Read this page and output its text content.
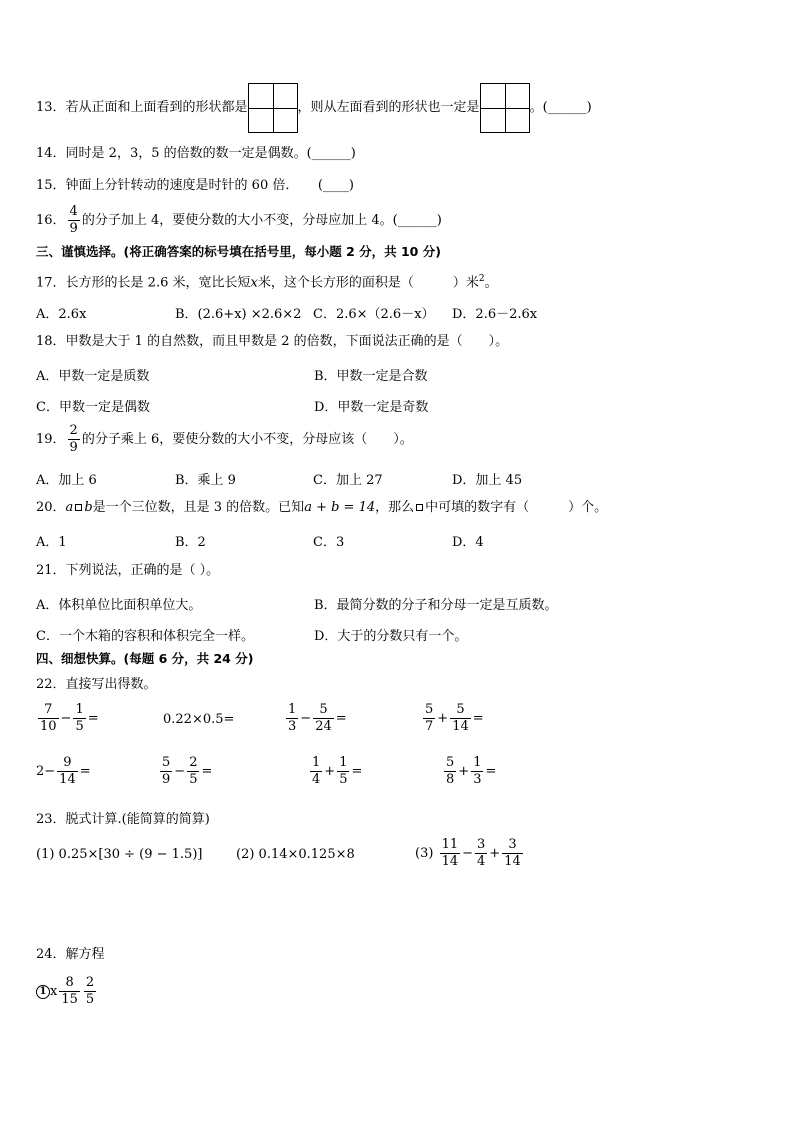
13．若从正面和上面看到的形状都是	，则从左面看到的形状也一定是	。(______)
14．同时是 2，3，5 的倍数的数一定是偶数。(______)
15．钟面上分针转动的速度是时针的 60 倍．　　(____)
16． $\frac{4}{9}$ 的分子加上 4，要使分数的大小不变，分母应加上 4。(______)
三、谨慎选择。(将正确答案的标号填在括号里，每小题 2 分，共 10 分)
17．长方形的长是 2.6 米，宽比长短x米，这个长方形的面积是（　　　）米$^2$。
A．2.6x	B．(2.6+x) ×2.6×2 C．2.6×（2.6－x） D．2.6－2.6x
18．甲数是大于 1 的自然数，而且甲数是 2 的倍数，下面说法正确的是（　　）。
A．甲数一定是质数	B．甲数一定是合数
C．甲数一定是偶数	D．甲数一定是奇数
19． $\frac{2}{9}$ 的分子乘上 6，要使分数的大小不变，分母应该（　　）。
A．加上 6	B．乘上 9	C．加上 27	D．加上 45
20．a b是一个三位数，且是 3 的倍数。已知a + b = 14，那么 中可填的数字有（　　　）个。
A．1	B．2	C．3	D．4
21．下列说法，正确的是（ ）。
A．体积单位比面积单位大。	B．最简分数的分子和分母一定是互质数。
C．一个木箱的容积和体积完全一样。	D．大于的分数只有一个。
四、细想快算。(每题 6 分，共 24 分)
22．直接写出得数。
$\frac{7}{10} - \frac{1}{5}$ =	0.22×0.5=	$\frac{1}{3} - \frac{5}{24}$ =	$\frac{5}{7} + \frac{5}{14}$ =
$2- \frac{9}{14}$ =	$\frac{5}{9} - \frac{2}{5}$ =	$\frac{1}{4} + \frac{1}{5}$ =	$\frac{5}{8} + \frac{1}{3}$ =
23．脱式计算.(能简算的简算)
(1) 0.25×[30 ÷ (9 − 1.5)]	(2) 0.14×0.125×8	$(3) \frac{11}{14} - \frac{3}{4} + \frac{3}{14}$
24．解方程
1 x $\frac{8}{15} \frac{2}{5}$
